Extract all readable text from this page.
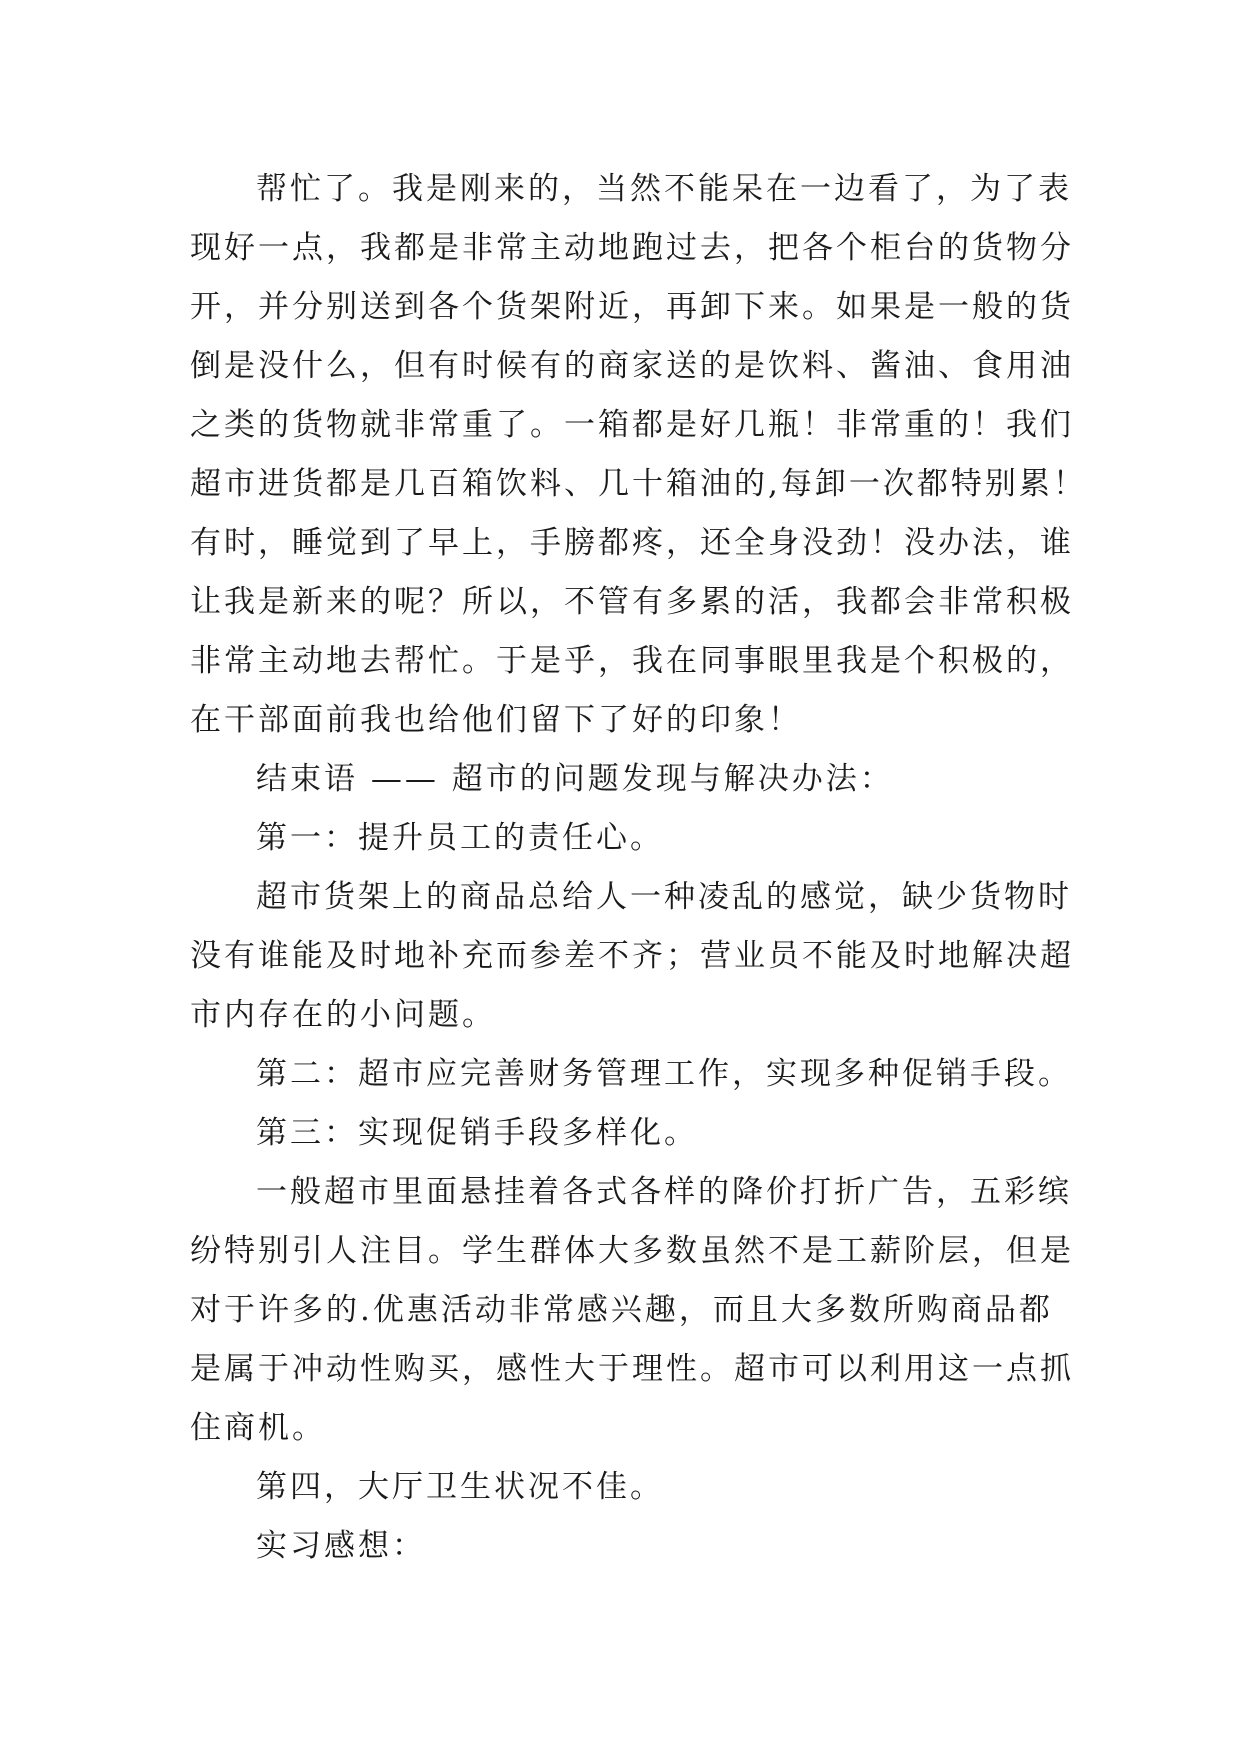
帮忙了。我是刚来的，当然不能呆在一边看了，为了表
现好一点，我都是非常主动地跑过去，把各个柜台的货物分
开，并分别送到各个货架附近，再卸下来。如果是一般的货
倒是没什么，但有时候有的商家送的是饮料、酱油、食用油
之类的货物就非常重了。一箱都是好几瓶！非常重的！我们
超市进货都是几百箱饮料、几十箱油的,每卸一次都特别累！
有时，睡觉到了早上，手膀都疼，还全身没劲！没办法，谁
让我是新来的呢？所以，不管有多累的活，我都会非常积极
非常主动地去帮忙。于是乎，我在同事眼里我是个积极的，
在干部面前我也给他们留下了好的印象！
结束语 —— 超市的问题发现与解决办法：
第一：提升员工的责任心。
超市货架上的商品总给人一种凌乱的感觉，缺少货物时
没有谁能及时地补充而参差不齐；营业员不能及时地解决超
市内存在的小问题。
第二：超市应完善财务管理工作，实现多种促销手段。
第三：实现促销手段多样化。
一般超市里面悬挂着各式各样的降价打折广告，五彩缤
纷特别引人注目。学生群体大多数虽然不是工薪阶层，但是
对于许多的.优惠活动非常感兴趣，而且大多数所购商品都
是属于冲动性购买，感性大于理性。超市可以利用这一点抓
住商机。
第四，大厅卫生状况不佳。
实习感想：
